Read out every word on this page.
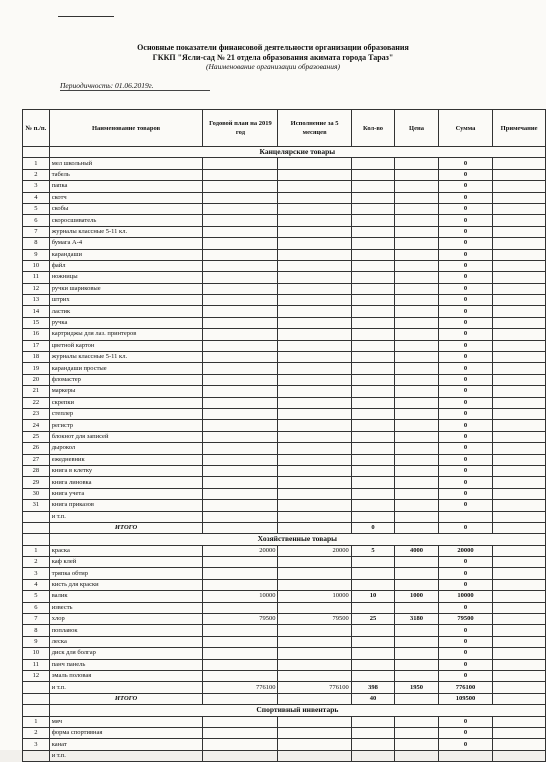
Основные показатели финансовой деятельности организации образования
ГККП "Ясли-сад № 21 отдела образования акимата города Тараз"
(Наименование организации образования)
Периодичность: 01.06.2019г.
№ п./п.	Наименование товаров	Годовой план на 2019 год	Исполнение за 5 месяцев	Кол-во	Цена	Сумма	Примечание
	Канцелярские товары						
1	мел школьный					0	
2	табель					0	
3	папка					0	
4	скотч					0	
5	скобы					0	
6	скоросшиватель					0	
7	журналы классные 5-11 кл.					0	
8	бумага А-4					0	
9	карандаши					0	
10	файл					0	
11	ножницы					0	
12	ручки шариковые					0	
13	штрих					0	
14	ластик					0	
15	ручка					0	
16	картриджы для лаз. принтеров					0	
17	цветной картон					0	
18	журналы классные 5-11 кл.					0	
19	карандаши простые					0	
20	фломастер					0	
21	маркеры					0	
22	скрепки					0	
23	степлер					0	
24	регистр					0	
25	блокнот для записей					0	
26	дырокол					0	
27	ежедневник					0	
28	книга в клетку					0	
29	книга линовка					0	
30	книга учета					0	
31	книга приказов					0	
	и т.п.						
	ИТОГО			0		0	
	Хозяйственные товары						
1	краска	20000	20000	5	4000	20000	
2	каф клей					0	
3	тряпка обтир					0	
4	кисть для краски					0	
5	валик	10000	10000	10	1000	10000	
6	известь					0	
7	хлор	79500	79500	25	3180	79500	
8	поплавок					0	
9	леска					0	
10	диск для болгар					0	
11	панч панель					0	
12	эмаль половая					0	
	и т.п.	776100	776100	398	1950	776100	
	ИТОГО			40		109500	
	Спортивный инвентарь						
1	мяч					0	
2	форма спортивная					0	
3	канат					0	
	и т.п.						
